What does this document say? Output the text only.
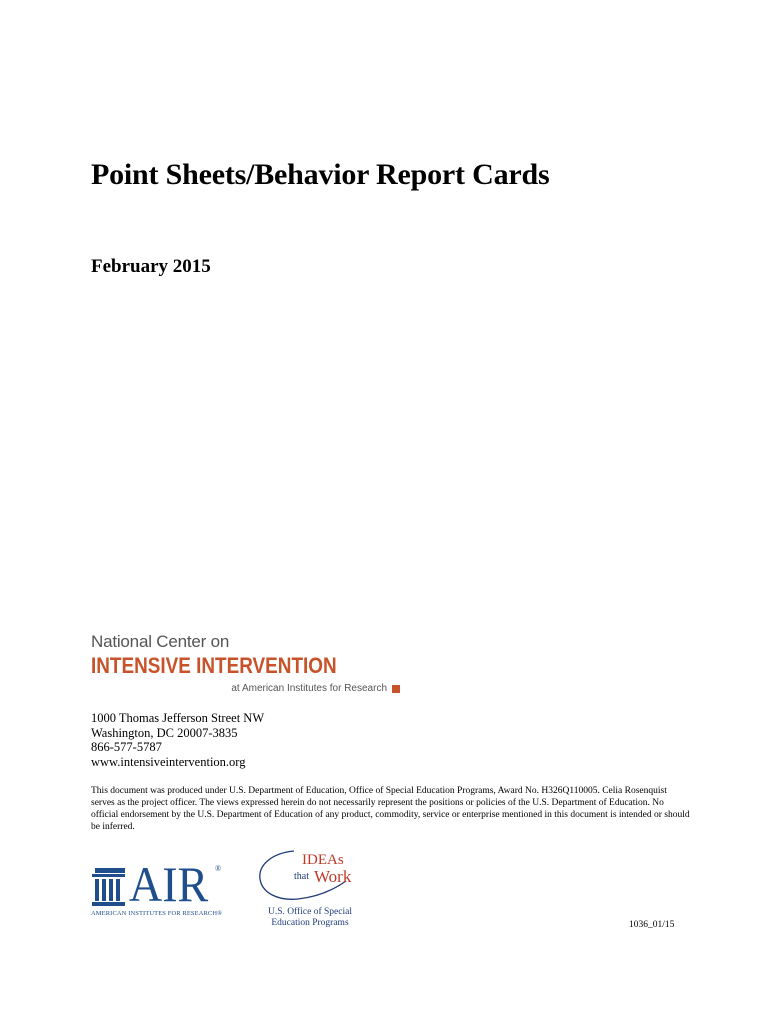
Point Sheets/Behavior Report Cards
February 2015
National Center on
INTENSIVE INTERVENTION
at American Institutes for Research
1000 Thomas Jefferson Street NW
Washington, DC 20007-3835
866-577-5787
www.intensiveintervention.org
This document was produced under U.S. Department of Education, Office of Special Education Programs, Award No. H326Q110005. Celia Rosenquist serves as the project officer. The views expressed herein do not necessarily represent the positions or policies of the U.S. Department of Education. No official endorsement by the U.S. Department of Education of any product, commodity, service or enterprise mentioned in this document is intended or should be inferred.
AIR ®
AMERICAN INSTITUTES FOR RESEARCH®
IDEAs
that Work
U.S. Office of Special
Education Programs	1036_01/15
